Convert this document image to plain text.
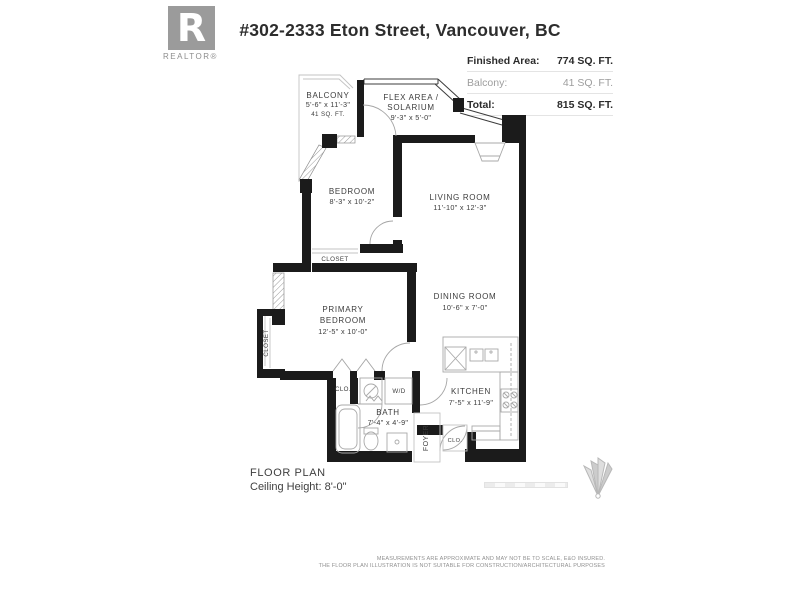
R
REALTOR®
#302-2333 Eton Street, Vancouver, BC
Finished Area: 774 SQ. FT.
Balcony:	41 SQ. FT.
Total:	815 SQ. FT.
BALCONY
5'-6" x 11'-3"
41 SQ. FT.
FLEX AREA /
SOLARIUM
9'-3" x 5'-0"
BEDROOM
8'-3" x 10'-2"	LIVING ROOM
11'-10" x 12'-3"
CLOSET
PRIMARY
BEDROOM
12'-5" x 10'-0"
CLOSET
DINING ROOM
10'-6" x 7'-0"
CLO.	W/D
BATH
7'-4" x 4'-9"
KITCHEN
7'-5" x 11'-9"
FOYER	CLO.
FLOOR PLAN
Ceiling Height: 8'-0"
MEASUREMENTS ARE APPROXIMATE AND MAY NOT BE TO SCALE, E&O INSURED.
THE FLOOR PLAN ILLUSTRATION IS NOT SUITABLE FOR CONSTRUCTION/ARCHITECTURAL PURPOSES
